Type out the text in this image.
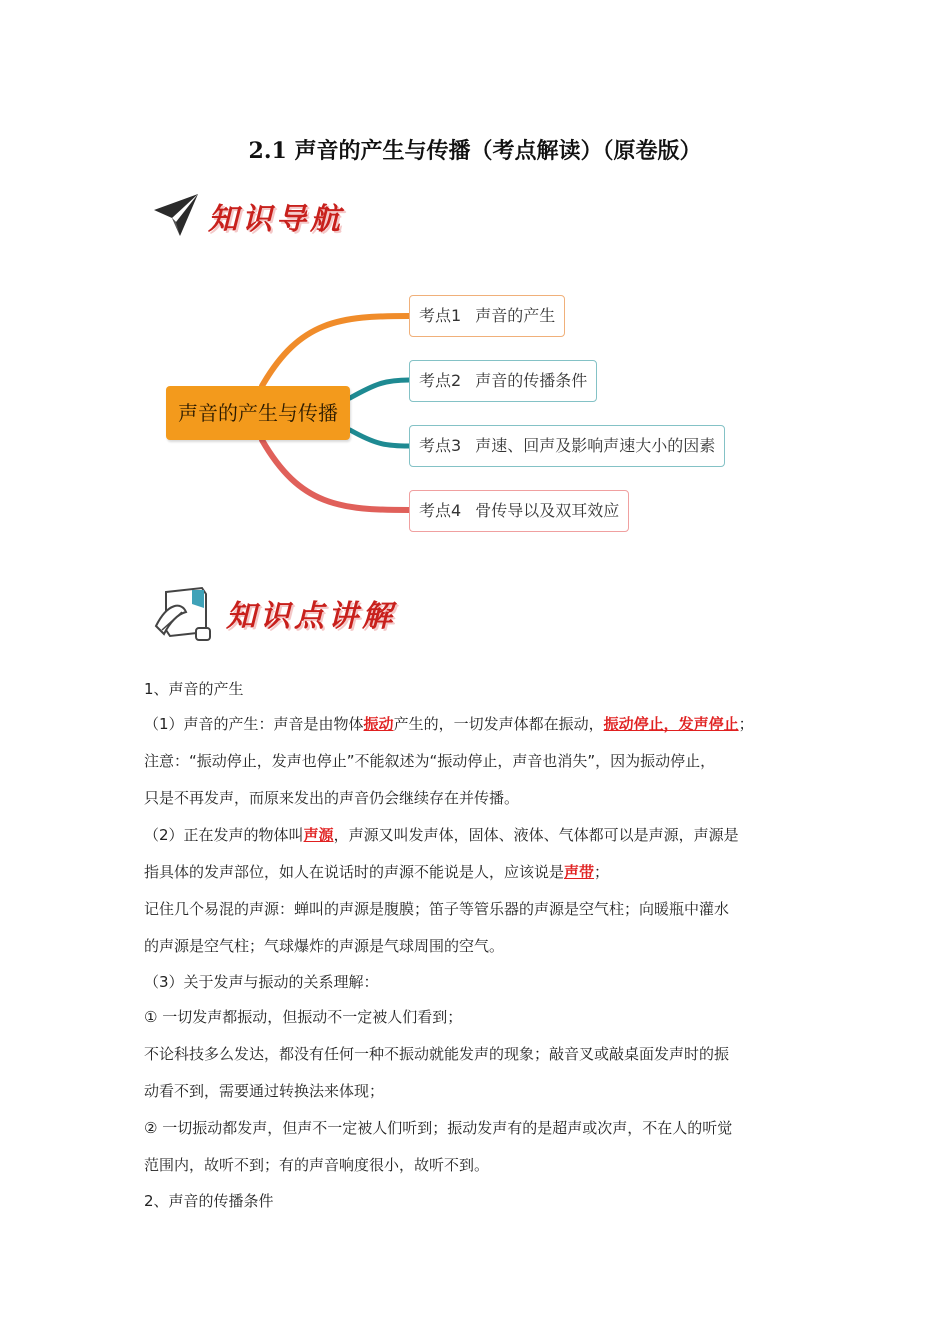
2.1 声音的产生与传播（考点解读）（原卷版）
知识导航
声音的产生与传播
考点1 声音的产生
考点2 声音的传播条件
考点3 声速、回声及影响声速大小的因素
考点4 骨传导以及双耳效应
知识点讲解
1、声音的产生
（1）声音的产生：声音是由物体振动产生的，一切发声体都在振动，振动停止，发声停止；
注意：“振动停止，发声也停止”不能叙述为“振动停止，声音也消失”，因为振动停止，
只是不再发声，而原来发出的声音仍会继续存在并传播。
（2）正在发声的物体叫声源，声源又叫发声体，固体、液体、气体都可以是声源，声源是
指具体的发声部位，如人在说话时的声源不能说是人，应该说是声带；
记住几个易混的声源：蝉叫的声源是腹膜；笛子等管乐器的声源是空气柱；向暖瓶中灌水
的声源是空气柱；气球爆炸的声源是气球周围的空气。
（3）关于发声与振动的关系理解：
① 一切发声都振动，但振动不一定被人们看到；
不论科技多么发达，都没有任何一种不振动就能发声的现象；敲音叉或敲桌面发声时的振
动看不到，需要通过转换法来体现；
② 一切振动都发声，但声不一定被人们听到；振动发声有的是超声或次声，不在人的听觉
范围内，故听不到；有的声音响度很小，故听不到。
2、声音的传播条件
